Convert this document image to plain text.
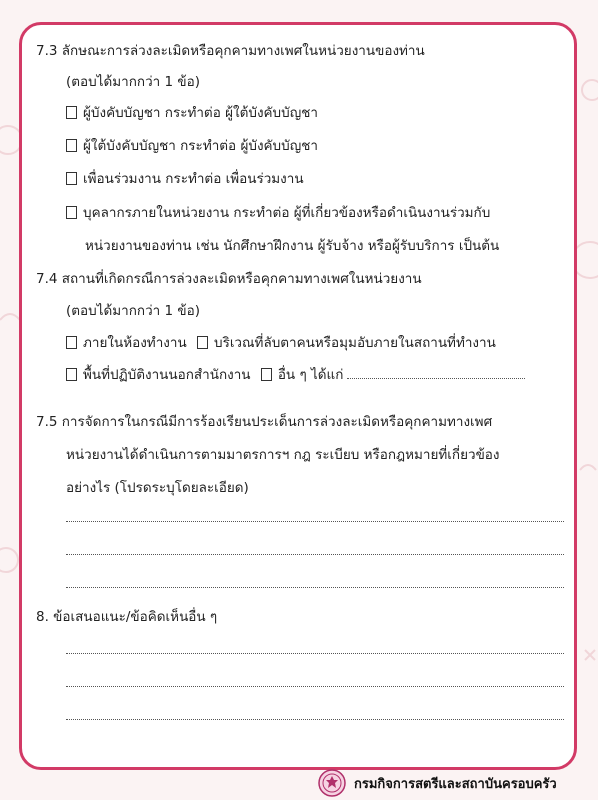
7.3 ลักษณะการล่วงละเมิดหรือคุกคามทางเพศในหน่วยงานของท่าน
(ตอบได้มากกว่า 1 ข้อ)
ผู้บังคับบัญชา กระทำต่อ ผู้ใต้บังคับบัญชา
ผู้ใต้บังคับบัญชา กระทำต่อ ผู้บังคับบัญชา
เพื่อนร่วมงาน กระทำต่อ เพื่อนร่วมงาน
บุคลากรภายในหน่วยงาน กระทำต่อ ผู้ที่เกี่ยวข้องหรือดำเนินงานร่วมกับ
หน่วยงานของท่าน เช่น นักศึกษาฝึกงาน ผู้รับจ้าง หรือผู้รับบริการ เป็นต้น
7.4 สถานที่เกิดกรณีการล่วงละเมิดหรือคุกคามทางเพศในหน่วยงาน
(ตอบได้มากกว่า 1 ข้อ)
ภายในห้องทำงาน บริเวณที่ลับตาคนหรือมุมอับภายในสถานที่ทำงาน
พื้นที่ปฏิบัติงานนอกสำนักงาน อื่น ๆ ได้แก่
7.5 การจัดการในกรณีมีการร้องเรียนประเด็นการล่วงละเมิดหรือคุกคามทางเพศ
หน่วยงานได้ดำเนินการตามมาตรการฯ กฎ ระเบียบ หรือกฎหมายที่เกี่ยวข้อง
อย่างไร (โปรดระบุโดยละเอียด)
8. ข้อเสนอแนะ/ข้อคิดเห็นอื่น ๆ
กรมกิจการสตรีและสถาบันครอบครัว
